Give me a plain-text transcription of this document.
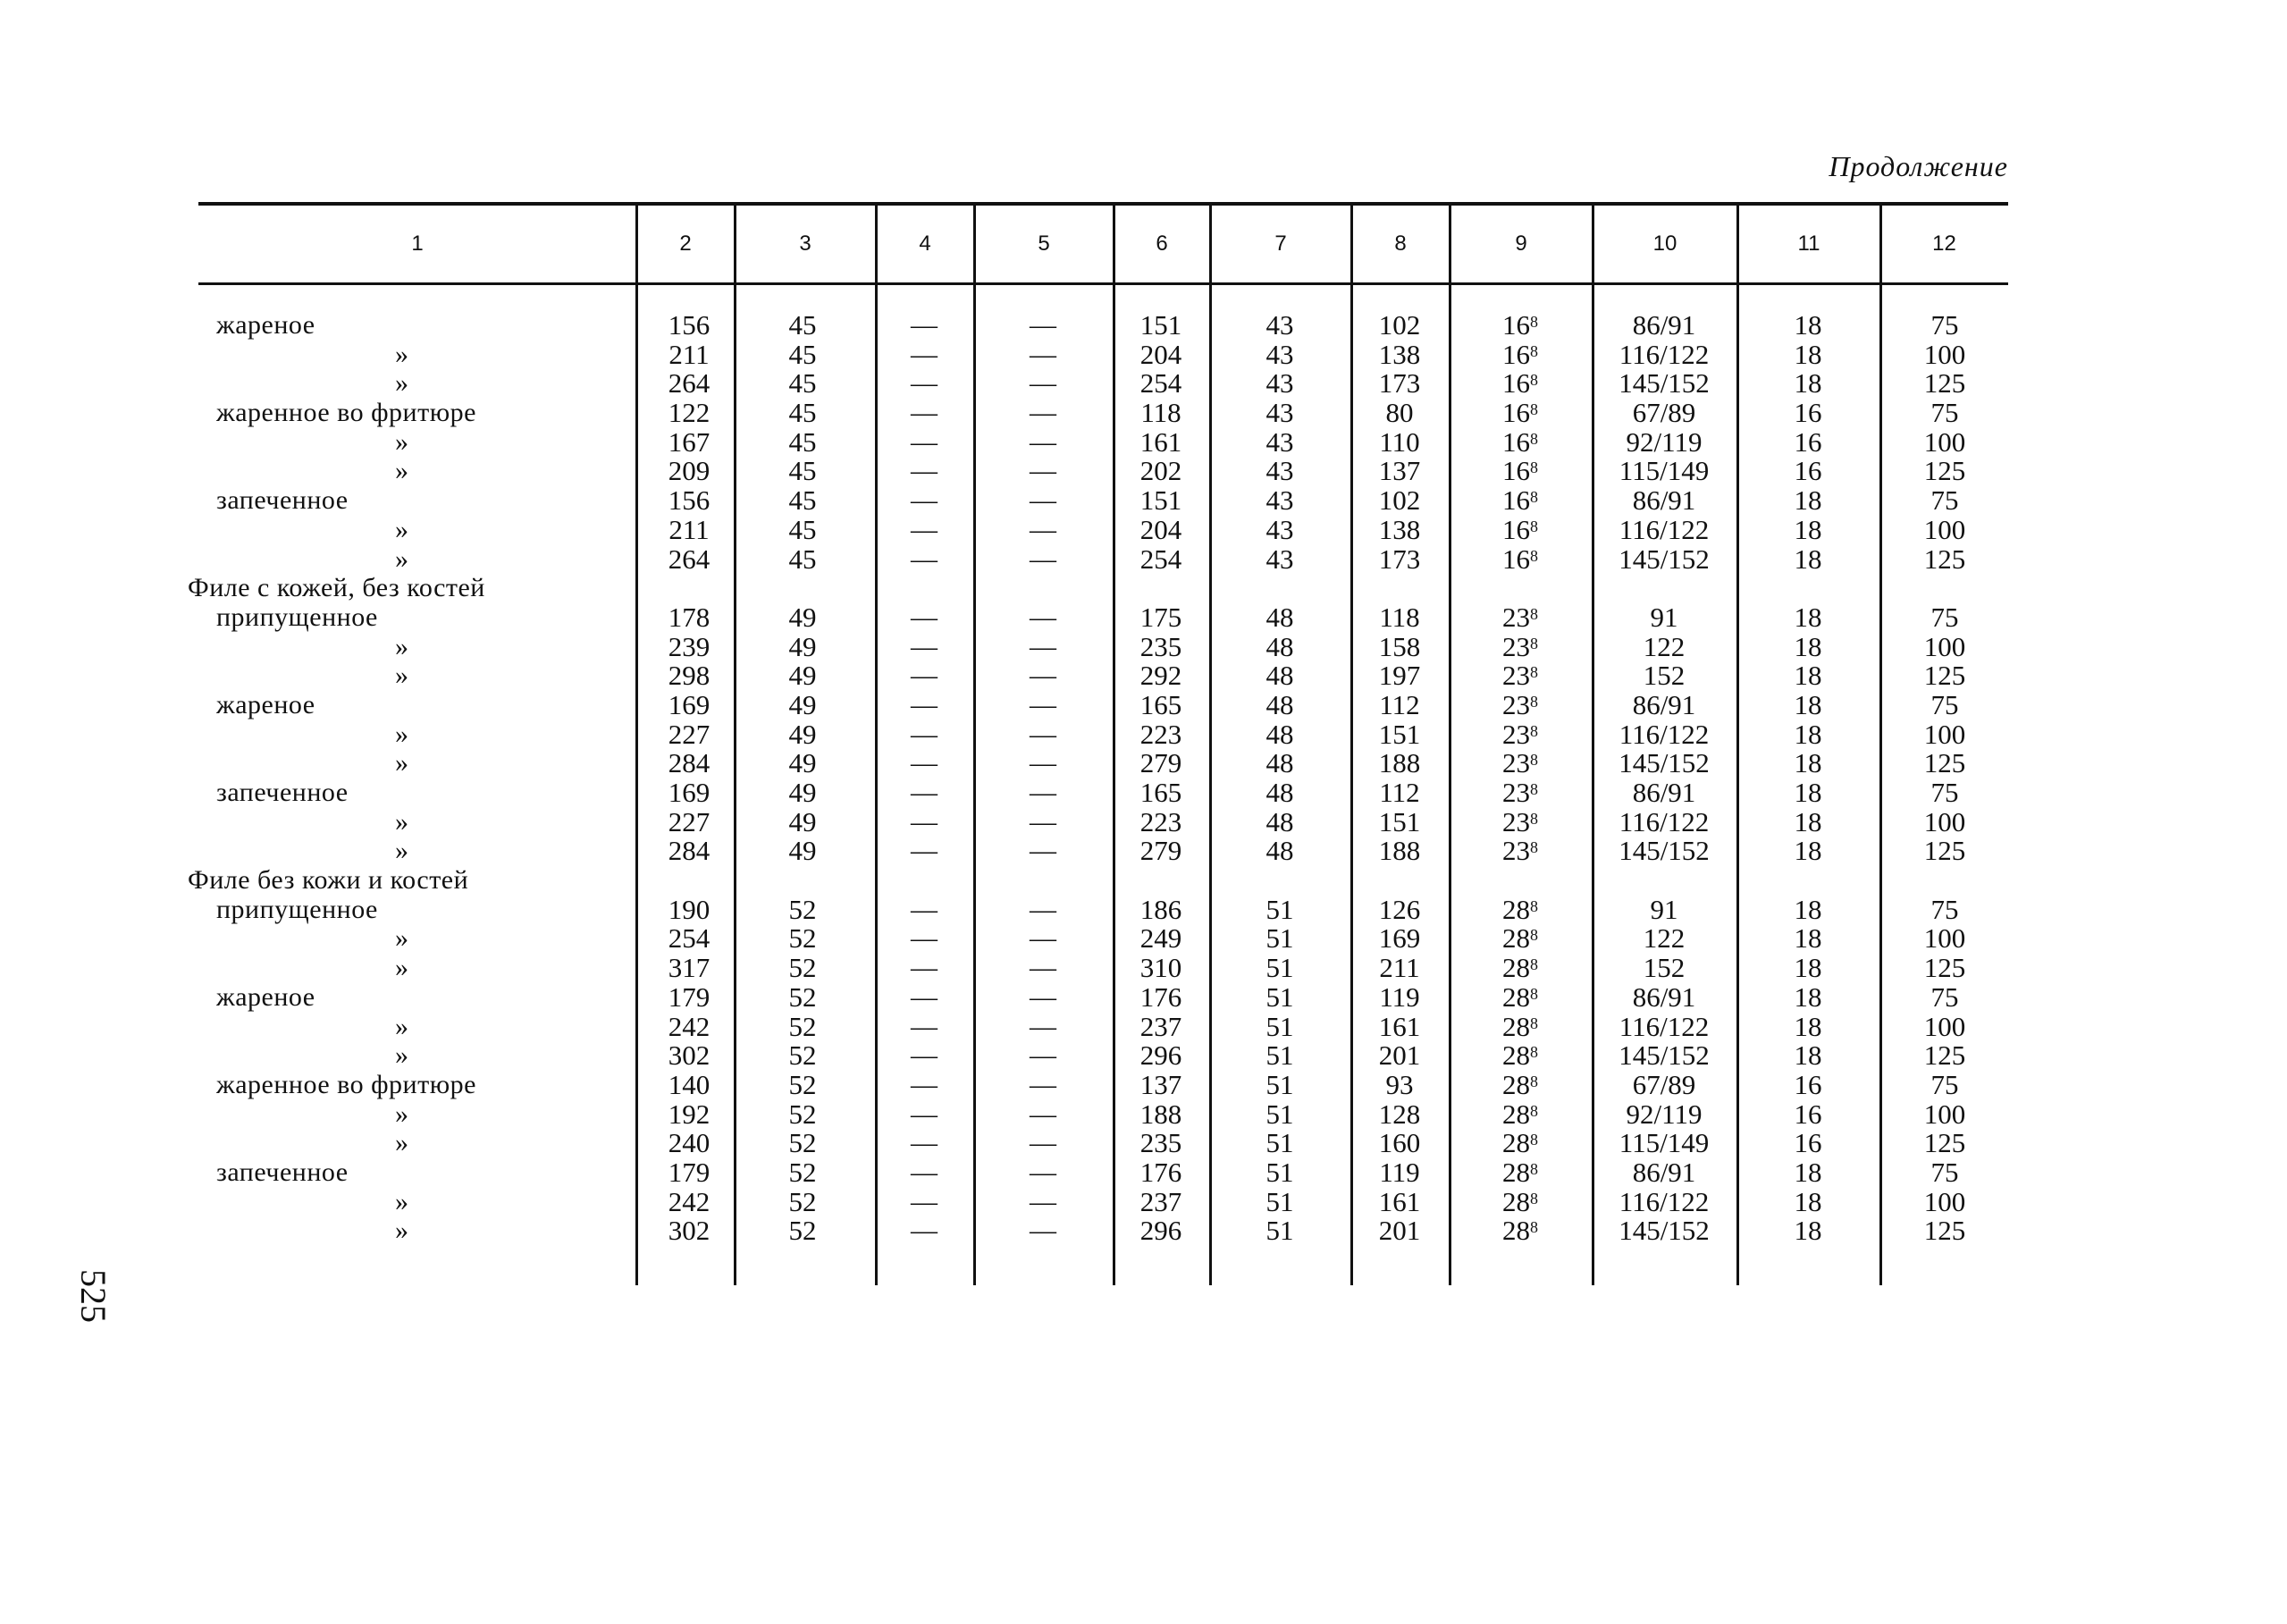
Продолжение
525
1	2	3	4	5	6	7	8	9	10	11	12
жареное	156	45	—	—	151	43	102	$16^8$	86/91	18	75
»	211	45	—	—	204	43	138	$16^8$	116/122	18	100
»	264	45	—	—	254	43	173	$16^8$	145/152	18	125
жаренное во фритюре	122	45	—	—	118	43	80	$16^8$	67/89	16	75
»	167	45	—	—	161	43	110	$16^8$	92/119	16	100
»	209	45	—	—	202	43	137	$16^8$	115/149	16	125
запеченное	156	45	—	—	151	43	102	$16^8$	86/91	18	75
»	211	45	—	—	204	43	138	$16^8$	116/122	18	100
»	264	45	—	—	254	43	173	$16^8$	145/152	18	125
Филе с кожей, без костей
припущенное	178	49	—	—	175	48	118	$23^8$	91	18	75
»	239	49	—	—	235	48	158	$23^8$	122	18	100
»	298	49	—	—	292	48	197	$23^8$	152	18	125
жареное	169	49	—	—	165	48	112	$23^8$	86/91	18	75
»	227	49	—	—	223	48	151	$23^8$	116/122	18	100
»	284	49	—	—	279	48	188	$23^8$	145/152	18	125
запеченное	169	49	—	—	165	48	112	$23^8$	86/91	18	75
»	227	49	—	—	223	48	151	$23^8$	116/122	18	100
»	284	49	—	—	279	48	188	$23^8$	145/152	18	125
Филе без кожи и костей
припущенное	190	52	—	—	186	51	126	$28^8$	91	18	75
»	254	52	—	—	249	51	169	$28^8$	122	18	100
»	317	52	—	—	310	51	211	$28^8$	152	18	125
жареное	179	52	—	—	176	51	119	$28^8$	86/91	18	75
»	242	52	—	—	237	51	161	$28^8$	116/122	18	100
»	302	52	—	—	296	51	201	$28^8$	145/152	18	125
жаренное во фритюре	140	52	—	—	137	51	93	$28^8$	67/89	16	75
»	192	52	—	—	188	51	128	$28^8$	92/119	16	100
»	240	52	—	—	235	51	160	$28^8$	115/149	16	125
запеченное	179	52	—	—	176	51	119	$28^8$	86/91	18	75
»	242	52	—	—	237	51	161	$28^8$	116/122	18	100
»	302	52	—	—	296	51	201	$28^8$	145/152	18	125
